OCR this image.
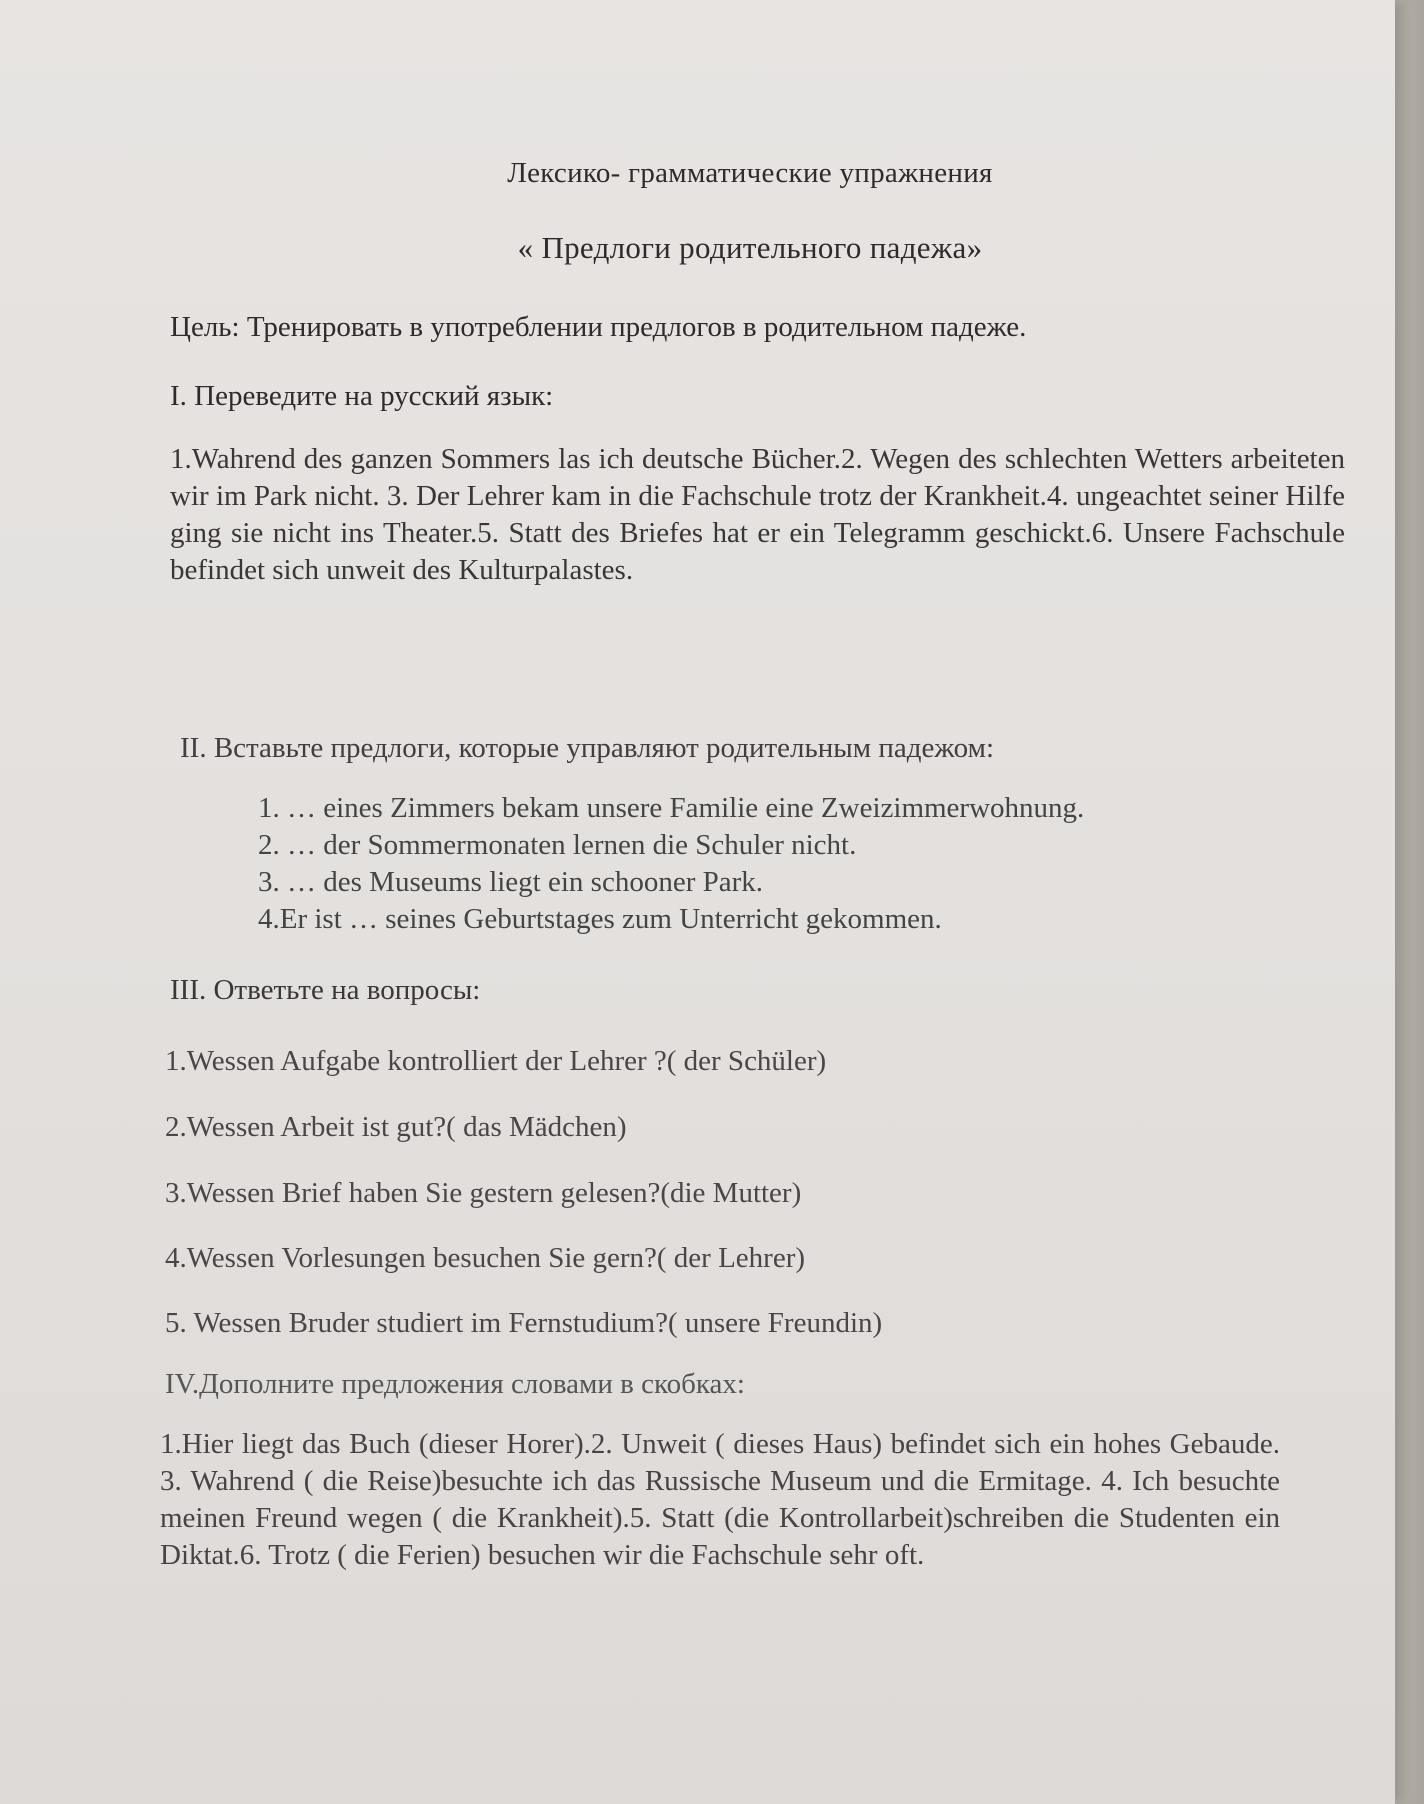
Лексико- грамматические упражнения
« Предлоги родительного падежа»
Цель: Тренировать в употреблении предлогов в родительном падеже.
I. Переведите на русский язык:
1.Wahrend des ganzen Sommers las ich deutsche Bücher.2. Wegen des schlechten Wetters arbeiteten wir im Park nicht. 3. Der Lehrer kam in die Fachschule trotz der Krankheit.4. ungeachtet seiner Hilfe ging sie nicht ins Theater.5. Statt des Briefes hat er ein Telegramm geschickt.6. Unsere Fachschule befindet sich unweit des Kulturpalastes.
II. Вставьте предлоги, которые управляют родительным падежом:
1. … eines Zimmers bekam unsere Familie eine Zweizimmerwohnung.
2. … der Sommermonaten lernen die Schuler nicht.
3. … des Museums liegt ein schooner Park.
4.Er ist … seines Geburtstages zum Unterricht gekommen.
III. Ответьте на вопросы:
1.Wessen Aufgabe kontrolliert der Lehrer ?( der Schüler)
2.Wessen Arbeit ist gut?( das Mädchen)
3.Wessen Brief haben Sie gestern gelesen?(die Mutter)
4.Wessen Vorlesungen besuchen Sie gern?( der Lehrer)
5. Wessen Bruder studiert im Fernstudium?( unsere Freundin)
IV.Дополните предложения словами в скобках:
1.Hier liegt das Buch (dieser Horer).2. Unweit ( dieses Haus) befindet sich ein hohes Gebaude. 3. Wahrend ( die Reise)besuchte ich das Russische Museum und die Ermitage. 4. Ich besuchte meinen Freund wegen ( die Krankheit).5. Statt (die Kontrollarbeit)schreiben die Studenten ein Diktat.6. Trotz ( die Ferien) besuchen wir die Fachschule sehr oft.
